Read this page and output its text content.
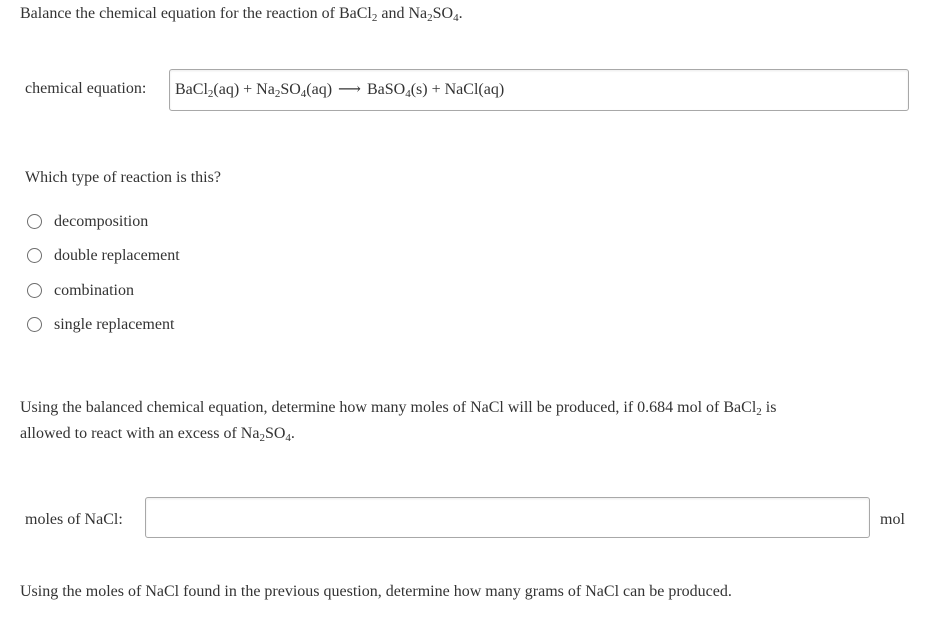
Balance the chemical equation for the reaction of BaCl$_2$ and $Na_2SO_4$.
chemical equation: BaCl$_2$(aq) + $Na_2SO_4(aq)$ ⟶ BaSO$_4$(s) + NaCl(aq)
Which type of reaction is this?
decomposition
double replacement
combination
single replacement
Using the balanced chemical equation, determine how many moles of NaCl will be produced, if 0.684 mol of BaCl$_2$ is
allowed to react with an excess of $Na_2SO_4$.
moles of NaCl:	mol
Using the moles of NaCl found in the previous question, determine how many grams of NaCl can be produced.
